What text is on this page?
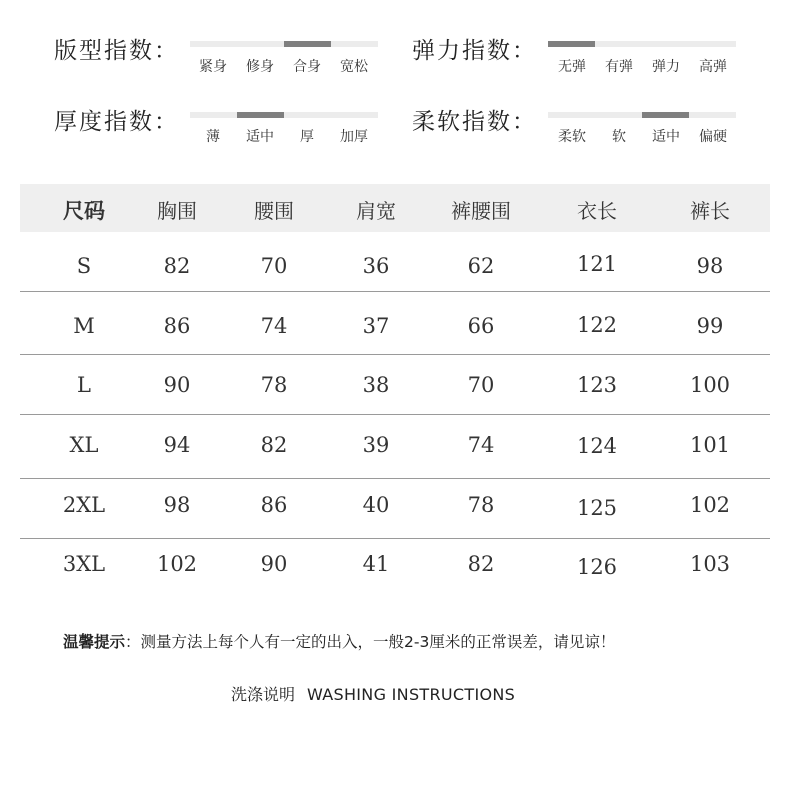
版型指数：
紧身 修身 合身 宽松
弹力指数：
无弹 有弹 弹力 高弹
厚度指数：
薄 适中 厚 加厚
柔软指数：
柔软 软 适中 偏硬
尺码	胸围	腰围	肩宽	裤腰围	衣长	裤长
S	82	70	36	62	121	98
M	86	74	37	66	122	99
L	90	78	38	70	123	100
XL	94	82	39	74	124	101
2XL	98	86	40	78	125	102
3XL 102	90	41	82	126	103
温馨提示：测量方法上每个人有一定的出入，一般2-3厘米的正常误差，请见谅！
洗涤说明 WASHING INSTRUCTIONS
